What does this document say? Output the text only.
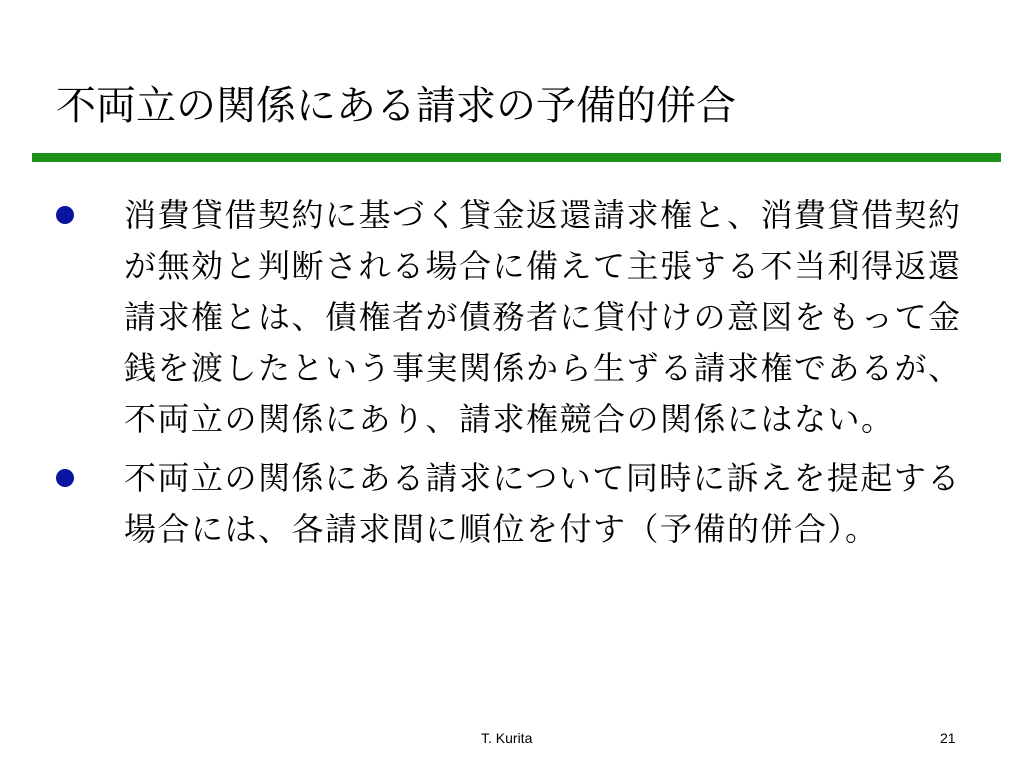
不両立の関係にある請求の予備的併合
消費貸借契約に基づく貸金返還請求権と、消費貸借契約が無効と判断される場合に備えて主張する不当利得返還請求権とは、債権者が債務者に貸付けの意図をもって金銭を渡したという事実関係から生ずる請求権であるが、不両立の関係にあり、請求権競合の関係にはない。
不両立の関係にある請求について同時に訴えを提起する場合には、各請求間に順位を付す（予備的併合）。
T. Kurita	21
